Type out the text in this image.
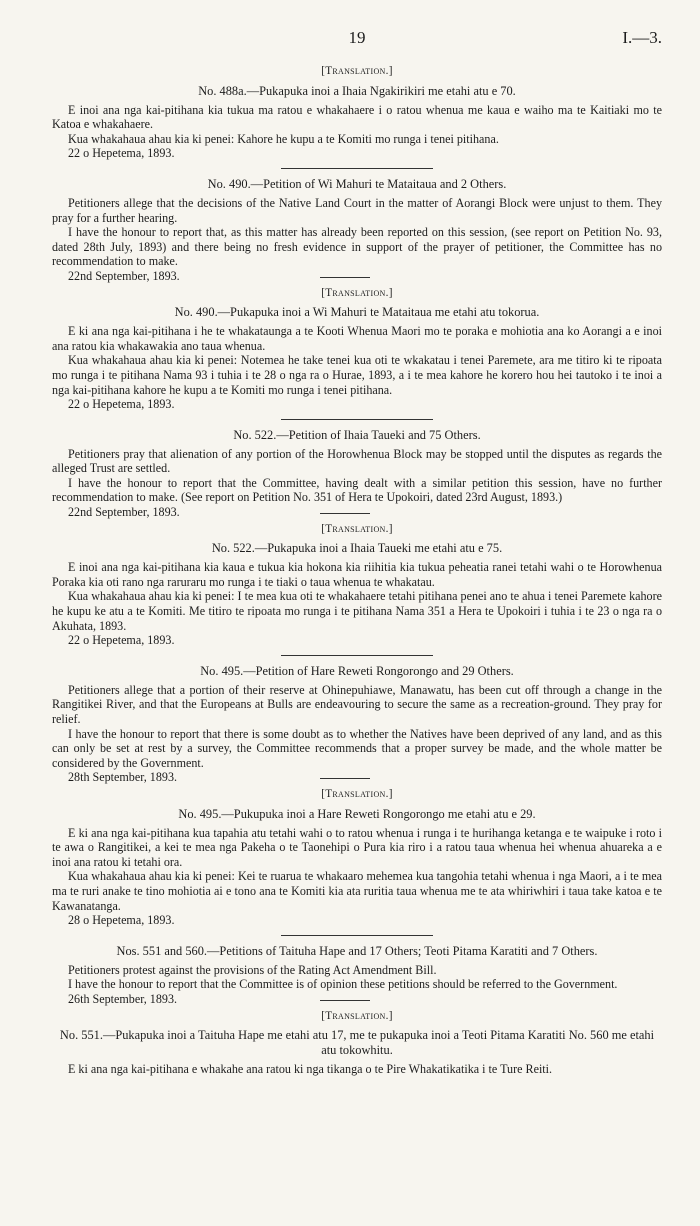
19	I.—3.

[Translation.]

No. 488a.—Pukapuka inoi a Ihaia Ngakirikiri me etahi atu e 70.

E inoi ana nga kai-pitihana kia tukua ma ratou e whakahaere i o ratou whenua me kaua e waiho ma te Kaitiaki mo te Katoa e whakahaere.

Kua whakahaua ahau kia ki penei: Kahore he kupu a te Komiti mo runga i tenei pitihana.

22 o Hepetema, 1893.

No. 490.—Petition of Wi Mahuri te Mataitaua and 2 Others.

Petitioners allege that the decisions of the Native Land Court in the matter of Aorangi Block were unjust to them. They pray for a further hearing.

I have the honour to report that, as this matter has already been reported on this session, (see report on Petition No. 93, dated 28th July, 1893) and there being no fresh evidence in support of the prayer of petitioner, the Committee has no recommendation to make.

22nd September, 1893.

[Translation.]

No. 490.—Pukapuka inoi a Wi Mahuri te Mataitaua me etahi atu tokorua.

E ki ana nga kai-pitihana i he te whakataunga a te Kooti Whenua Maori mo te poraka e mohiotia ana ko Aorangi a e inoi ana ratou kia whakawakia ano taua whenua.

Kua whakahaua ahau kia ki penei: Notemea he take tenei kua oti te wkakatau i tenei Paremete, ara me titiro ki te ripoata mo runga i te pitihana Nama 93 i tuhia i te 28 o nga ra o Hurae, 1893, a i te mea kahore he korero hou hei tautoko i te inoi a nga kai-pitihana kahore he kupu a te Komiti mo runga i tenei pitihana.

22 o Hepetema, 1893.

No. 522.—Petition of Ihaia Taueki and 75 Others.

Petitioners pray that alienation of any portion of the Horowhenua Block may be stopped until the disputes as regards the alleged Trust are settled.

I have the honour to report that the Committee, having dealt with a similar petition this session, have no further recommendation to make. (See report on Petition No. 351 of Hera te Upokoiri, dated 23rd August, 1893.)

22nd September, 1893.

[Translation.]

No. 522.—Pukapuka inoi a Ihaia Taueki me etahi atu e 75.

E inoi ana nga kai-pitihana kia kaua e tukua kia hokona kia riihitia kia tukua peheatia ranei tetahi wahi o te Horowhenua Poraka kia oti rano nga raruraru mo runga i te tiaki o taua whenua te whakatau.

Kua whakahaua ahau kia ki penei: I te mea kua oti te whakahaere tetahi pitihana penei ano te ahua i tenei Paremete kahore he kupu ke atu a te Komiti. Me titiro te ripoata mo runga i te pitihana Nama 351 a Hera te Upokoiri i tuhia i te 23 o nga ra o Akuhata, 1893.

22 o Hepetema, 1893.

No. 495.—Petition of Hare Reweti Rongorongo and 29 Others.

Petitioners allege that a portion of their reserve at Ohinepuhiawe, Manawatu, has been cut off through a change in the Rangitikei River, and that the Europeans at Bulls are endeavouring to secure the same as a recreation-ground. They pray for relief.

I have the honour to report that there is some doubt as to whether the Natives have been deprived of any land, and as this can only be set at rest by a survey, the Committee recommends that a proper survey be made, and the whole matter be considered by the Government.

28th September, 1893.

[Translation.]

No. 495.—Pukupuka inoi a Hare Reweti Rongorongo me etahi atu e 29.

E ki ana nga kai-pitihana kua tapahia atu tetahi wahi o to ratou whenua i runga i te hurihanga ketanga e te waipuke i roto i te awa o Rangitikei, a kei te mea nga Pakeha o te Taonehipi o Pura kia riro i a ratou taua whenua hei whenua ahuareka a e inoi ana ratou ki tetahi ora.

Kua whakahaua ahau kia ki penei: Kei te ruarua te whakaaro mehemea kua tangohia tetahi whenua i nga Maori, a i te mea ma te ruri anake te tino mohiotia ai e tono ana te Komiti kia ata ruritia taua whenua me te ata whiriwhiri i taua take katoa e te Kawanatanga.

28 o Hepetema, 1893.

Nos. 551 and 560.—Petitions of Taituha Hape and 17 Others; Teoti Pitama Karatiti and 7 Others.

Petitioners protest against the provisions of the Rating Act Amendment Bill.

I have the honour to report that the Committee is of opinion these petitions should be referred to the Government.

26th September, 1893.

[Translation.]

No. 551.—Pukapuka inoi a Taituha Hape me etahi atu 17, me te pukapuka inoi a Teoti Pitama Karatiti No. 560 me etahi atu tokowhitu.

E ki ana nga kai-pitihana e whakahe ana ratou ki nga tikanga o te Pire Whakatikatika i te Ture Reiti.
